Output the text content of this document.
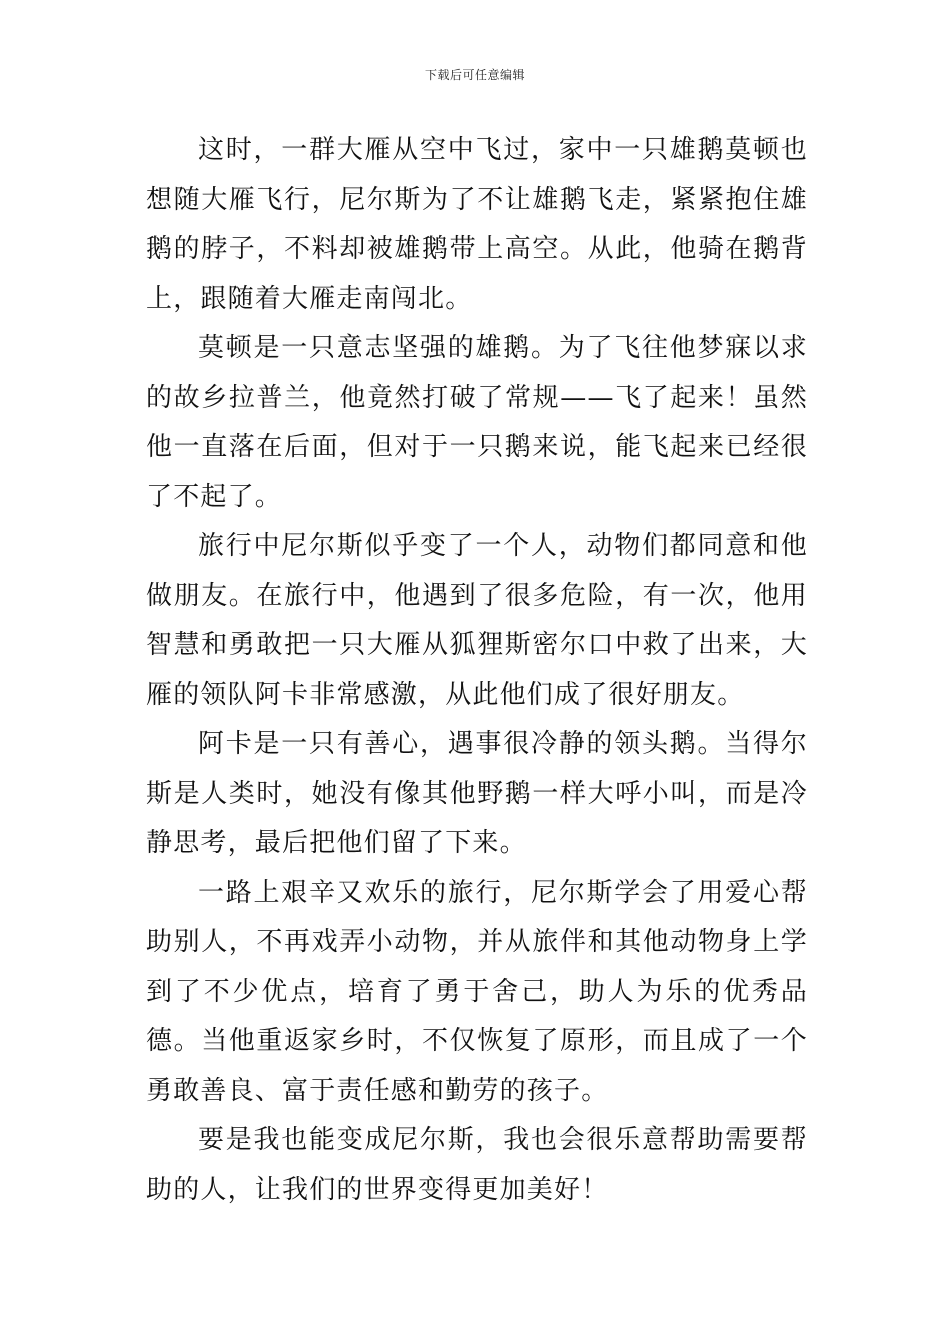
下载后可任意编辑

这时，一群大雁从空中飞过，家中一只雄鹅莫顿也想随大雁飞行，尼尔斯为了不让雄鹅飞走，紧紧抱住雄鹅的脖子，不料却被雄鹅带上高空。从此，他骑在鹅背上，跟随着大雁走南闯北。

莫顿是一只意志坚强的雄鹅。为了飞往他梦寐以求的故乡拉普兰，他竟然打破了常规——飞了起来！虽然他一直落在后面，但对于一只鹅来说，能飞起来已经很了不起了。

旅行中尼尔斯似乎变了一个人，动物们都同意和他做朋友。在旅行中，他遇到了很多危险，有一次，他用智慧和勇敢把一只大雁从狐狸斯密尔口中救了出来，大雁的领队阿卡非常感激，从此他们成了很好朋友。

阿卡是一只有善心，遇事很冷静的领头鹅。当得尔斯是人类时，她没有像其他野鹅一样大呼小叫，而是冷静思考，最后把他们留了下来。

一路上艰辛又欢乐的旅行，尼尔斯学会了用爱心帮助别人，不再戏弄小动物，并从旅伴和其他动物身上学到了不少优点，培育了勇于舍己，助人为乐的优秀品德。当他重返家乡时，不仅恢复了原形，而且成了一个勇敢善良、富于责任感和勤劳的孩子。

要是我也能变成尼尔斯，我也会很乐意帮助需要帮助的人，让我们的世界变得更加美好！
